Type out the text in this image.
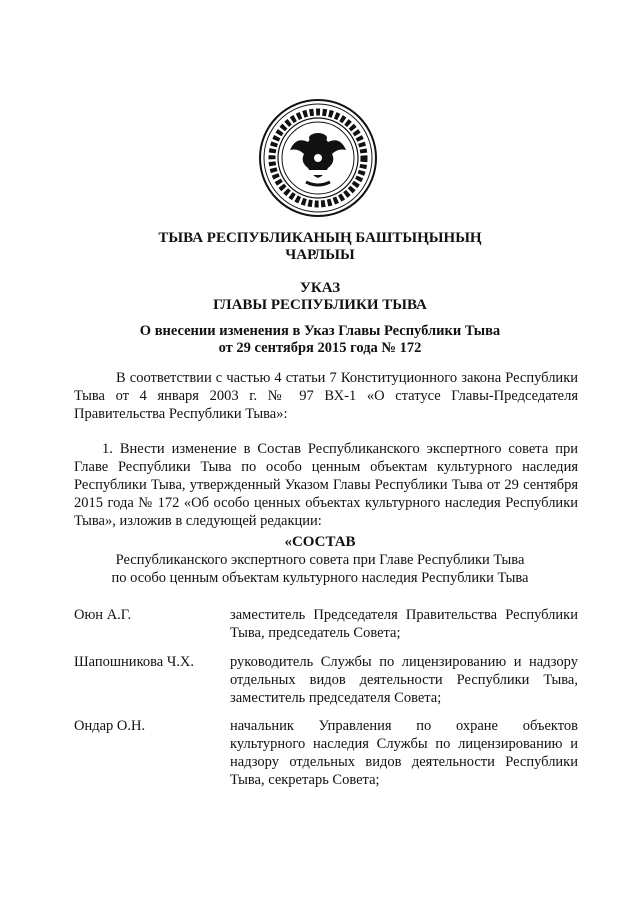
ТЫВА РЕСПУБЛИКАНЫҢ БАШТЫҢЫНЫҢ
ЧАРЛЫЫ
УКАЗ
ГЛАВЫ РЕСПУБЛИКИ ТЫВА
О внесении изменения в Указ Главы Республики Тыва
от 29 сентября 2015 года № 172
В соответствии с частью 4 статьи 7 Конституционного закона Республики
Тыва от 4 января 2003 г. № 97 ВХ-1 «О статусе Главы-Председателя
Правительства Республики Тыва»:
1. Внести изменение в Состав Республиканского экспертного совета при
Главе Республики Тыва по особо ценным объектам культурного наследия
Республики Тыва, утвержденный Указом Главы Республики Тыва от 29 сентября
2015 года № 172 «Об особо ценных объектах культурного наследия Республики
Тыва», изложив в следующей редакции:
«СОСТАВ
Республиканского экспертного совета при Главе Республики Тыва
по особо ценным объектам культурного наследия Республики Тыва
Оюн А.Г.	заместитель Председателя Правительства Республики
Тыва, председатель Совета;
Шапошникова Ч.Х.	руководитель Службы по лицензированию и надзору
отдельных видов деятельности Республики Тыва,
заместитель председателя Совета;
Ондар О.Н.	начальник Управления по охране объектов
культурного наследия Службы по лицензированию и
надзору отдельных видов деятельности Республики
Тыва, секретарь Совета;
